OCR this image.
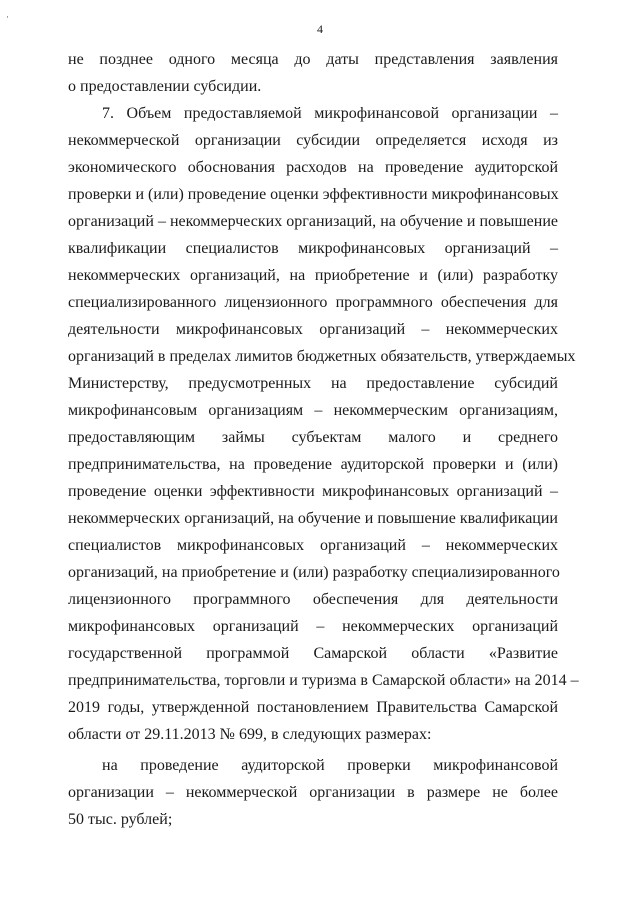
·
4
не позднее одного месяца до даты представления заявления
о предоставлении субсидии.
7. Объем предоставляемой микрофинансовой организации –
некоммерческой организации субсидии определяется исходя из
экономического обоснования расходов на проведение аудиторской
проверки и (или) проведение оценки эффективности микрофинансовых
организаций – некоммерческих организаций, на обучение и повышение
квалификации специалистов микрофинансовых организаций –
некоммерческих организаций, на приобретение и (или) разработку
специализированного лицензионного программного обеспечения для
деятельности микрофинансовых организаций – некоммерческих
организаций в пределах лимитов бюджетных обязательств, утверждаемых
Министерству, предусмотренных на предоставление субсидий
микрофинансовым организациям – некоммерческим организациям,
предоставляющим займы субъектам малого и среднего
предпринимательства, на проведение аудиторской проверки и (или)
проведение оценки эффективности микрофинансовых организаций –
некоммерческих организаций, на обучение и повышение квалификации
специалистов микрофинансовых организаций – некоммерческих
организаций, на приобретение и (или) разработку специализированного
лицензионного программного обеспечения для деятельности
микрофинансовых организаций – некоммерческих организаций
государственной программой Самарской области «Развитие
предпринимательства, торговли и туризма в Самарской области» на 2014 –
2019 годы, утвержденной постановлением Правительства Самарской
области от 29.11.2013 № 699, в следующих размерах:
на проведение аудиторской проверки микрофинансовой
организации – некоммерческой организации в размере не более
50 тыс. рублей;
